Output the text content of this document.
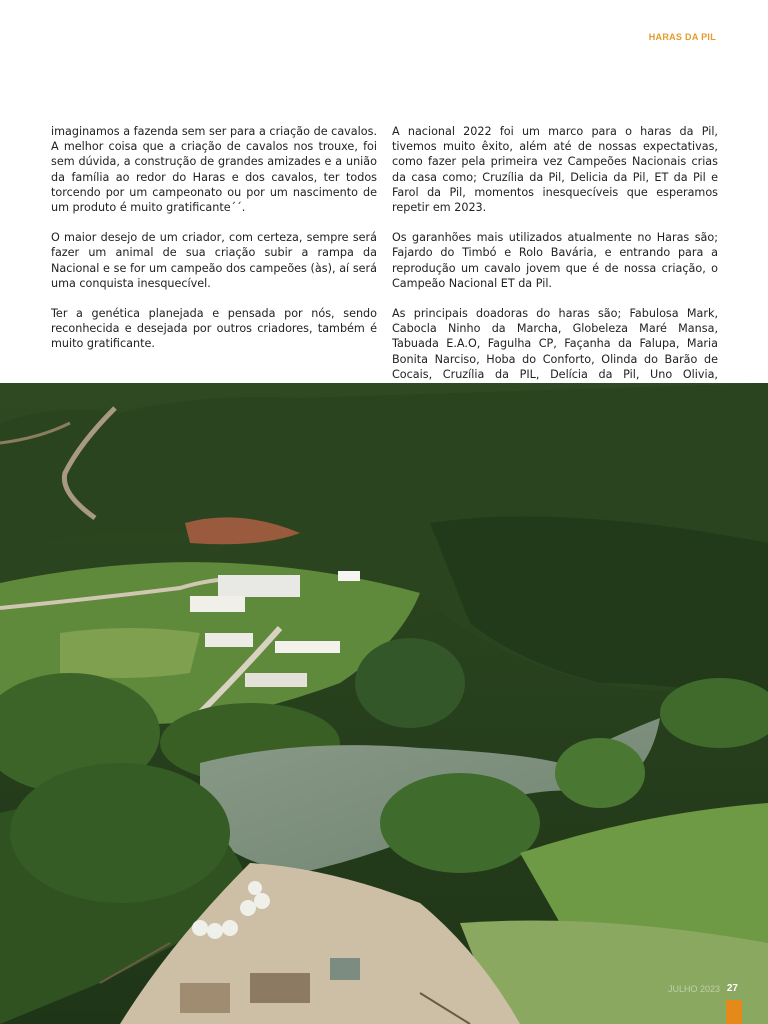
HARAS DA PIL

imaginamos a fazenda sem ser para a criação de cavalos. A melhor coisa que a criação de cavalos nos trouxe, foi sem dúvida, a construção de grandes amizades e a união da família ao redor do Haras e dos cavalos, ter todos torcendo por um campeonato ou por um nascimento de um produto é muito gratificante´´.

O maior desejo de um criador, com certeza, sempre será fazer um animal de sua criação subir a rampa da Nacional e se for um campeão dos campeões (às), aí será uma conquista inesquecível.

Ter a genética planejada e pensada por nós, sendo reconhecida e desejada por outros criadores, também é muito gratificante.

A nacional 2022 foi um marco para o haras da Pil, tivemos muito êxito, além até de nossas expectativas, como fazer pela primeira vez Campeões Nacionais crias da casa como; Cruzília da Pil, Delicia da Pil, ET da Pil e Farol da Pil, momentos inesquecíveis que esperamos repetir em 2023.

Os garanhões mais utilizados atualmente no Haras são; Fajardo do Timbó e Rolo Bavária, e entrando para a reprodução um cavalo jovem que é de nossa criação, o Campeão Nacional ET da Pil.

As principais doadoras do haras são; Fabulosa Mark, Cabocla Ninho da Marcha, Globeleza Maré Mansa, Tabuada E.A.O, Fagulha CP, Façanha da Falupa, Maria Bonita Narciso, Hoba do Conforto, Olinda do Barão de Cocais, Cruzília da PIL, Delícia da Pil, Uno Olivia,

JULHO 2023 27
